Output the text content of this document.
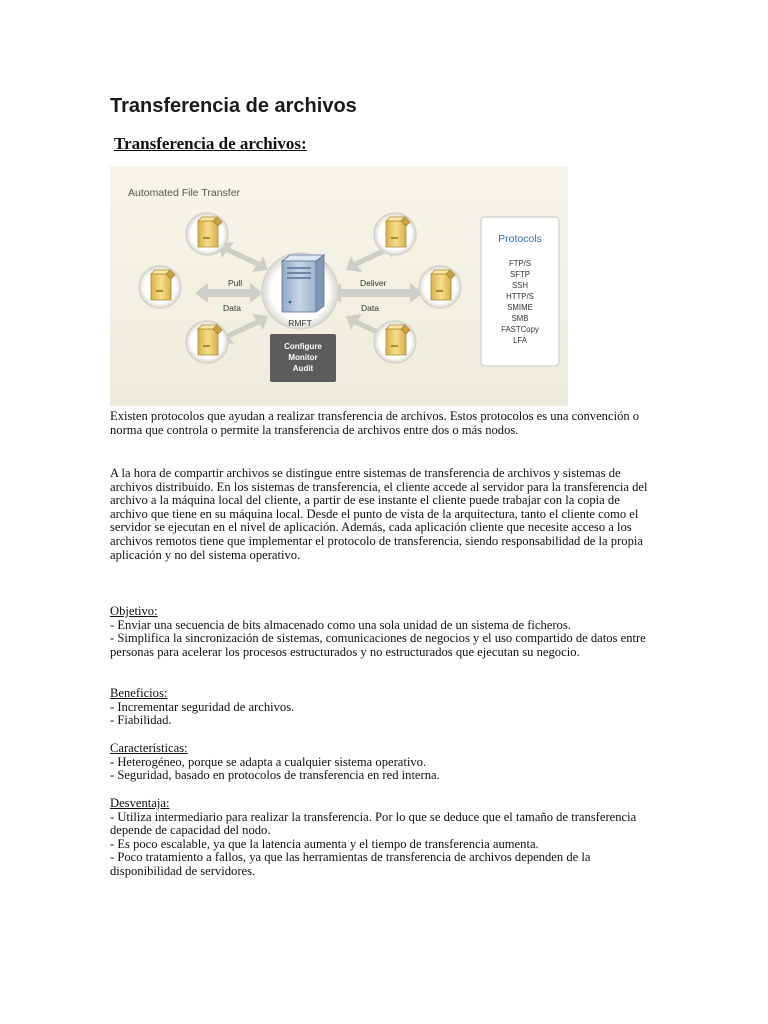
Transferencia de archivos
Transferencia de archivos:
Automated File Transfer
RMFT
Configure
Monitor
Audit
Pull
Data
Deliver
Data
Protocols
FTP/S
SFTP
SSH
HTTP/S
SMIME
SMB
FASTCopy
LFA

Existen protocolos que ayudan a realizar transferencia de archivos. Estos protocolos es una convención o norma que controla o permite la transferencia de archivos entre dos o más nodos.

A la hora de compartir archivos se distingue entre sistemas de transferencia de archivos y sistemas de archivos distribuido. En los sistemas de transferencia, el cliente accede al servidor para la transferencia del archivo a la máquina local del cliente, a partir de ese instante el cliente puede trabajar con la copia de archivo que tiene en su máquina local. Desde el punto de vista de la arquitectura, tanto el cliente como el servidor se ejecutan en el nivel de aplicación. Además, cada aplicación cliente que necesite acceso a los archivos remotos tiene que implementar el protocolo de transferencia, siendo responsabilidad de la propia aplicación y no del sistema operativo.

Objetivo:

- Enviar una secuencia de bits almacenado como una sola unidad de un sistema de ficheros.

- Simplifica la sincronización de sistemas, comunicaciones de negocios y el uso compartido de datos entre personas para acelerar los procesos estructurados y no estructurados que ejecutan su negocio.

Beneficios:

- Incrementar seguridad de archivos.

- Fiabilidad.

Características:

- Heterogéneo, porque se adapta a cualquier sistema operativo.

- Seguridad, basado en protocolos de transferencia en red interna.

Desventaja:

- Utiliza intermediario para realizar la transferencia. Por lo que se deduce que el tamaño de transferencia depende de capacidad del nodo.

- Es poco escalable, ya que la latencia aumenta y el tiempo de transferencia aumenta.

- Poco tratamiento a fallos, ya que las herramientas de transferencia de archivos dependen de la disponibilidad de servidores.
